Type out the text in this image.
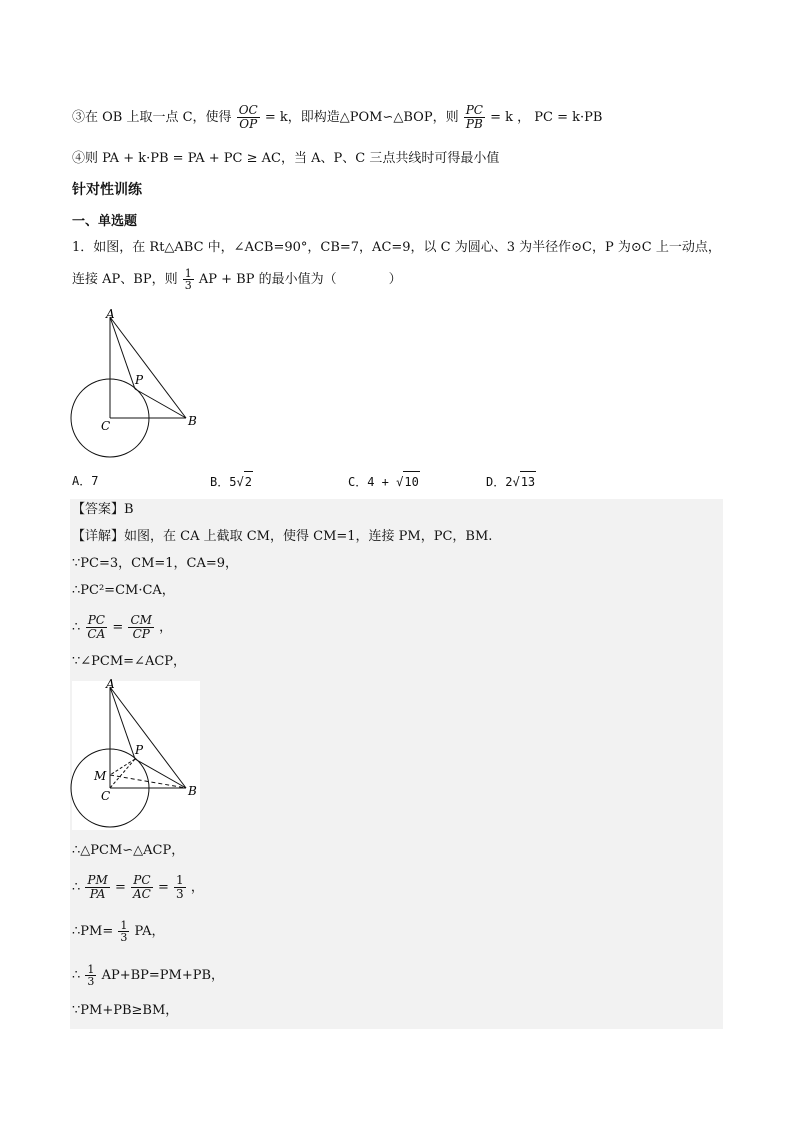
③在 OB 上取一点 C，使得 $\frac{OC}{OP} = k$，即构造△POM∽△BOP，则 $\frac{PC}{PB} = k$ ， PC = k·PB
④则 PA + k·PB = PA + PC ≥ AC，当 A、P、C 三点共线时可得最小值
针对性训练
一、单选题
1．如图，在 Rt△ABC 中，∠ACB=90°，CB=7，AC=9，以 C 为圆心、3 为半径作⊙C，P 为⊙C 上一动点，
连接 AP、BP，则 $\frac{1}{3}$ AP + BP 的最小值为（　　　　）
A
P
B
C
A．7	B．5√2	C．4 + √10	D．2√13
【答案】B
【详解】如图，在 CA 上截取 CM，使得 CM=1，连接 PM，PC，BM.
∵PC=3，CM=1，CA=9，
∴PC²=CM·CA，
∴ $\frac{PC}{CA} = \frac{CM}{CP}$ ，
∵∠PCM=∠ACP，
A
P
M
B
C
∴△PCM∽△ACP，
∴ $\frac{PM}{PA} = \frac{PC}{AC} = \frac{1}{3}$ ，
∴PM= $\frac{1}{3}$ PA，
∴ $\frac{1}{3} AP+BP=PM+PB$，
∵PM+PB≥BM，
